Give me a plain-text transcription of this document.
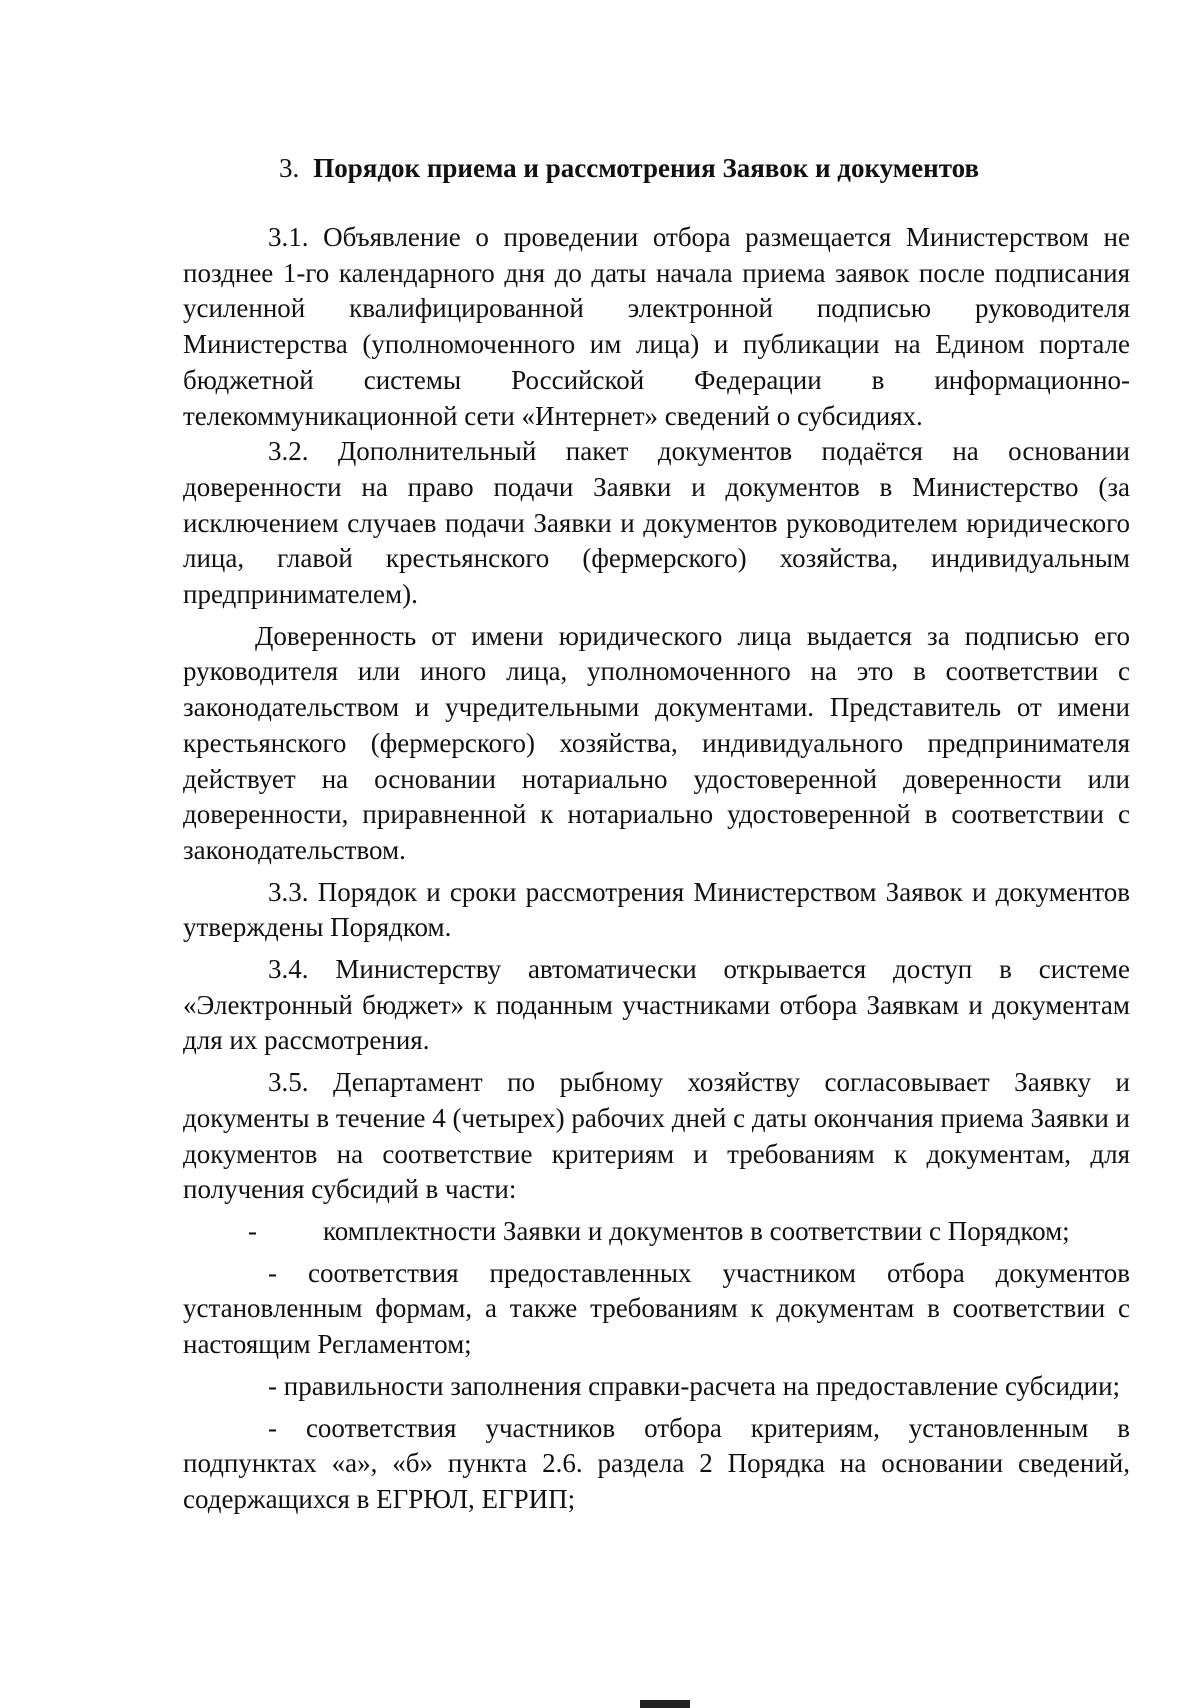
3. Порядок приема и рассмотрения Заявок и документов

3.1. Объявление о проведении отбора размещается Министерством не позднее 1-го календарного дня до даты начала приема заявок после подписания усиленной квалифицированной электронной подписью руководителя Министерства (уполномоченного им лица) и публикации на Едином портале бюджетной системы Российской Федерации в информационно-телекоммуникационной сети «Интернет» сведений о субсидиях.

3.2. Дополнительный пакет документов подаётся на основании доверенности на право подачи Заявки и документов в Министерство (за исключением случаев подачи Заявки и документов руководителем юридического лица, главой крестьянского (фермерского) хозяйства, индивидуальным предпринимателем).

Доверенность от имени юридического лица выдается за подписью его руководителя или иного лица, уполномоченного на это в соответствии с законодательством и учредительными документами. Представитель от имени крестьянского (фермерского) хозяйства, индивидуального предпринимателя действует на основании нотариально удостоверенной доверенности или доверенности, приравненной к нотариально удостоверенной в соответствии с законодательством.

3.3. Порядок и сроки рассмотрения Министерством Заявок и документов утверждены Порядком.

3.4. Министерству автоматически открывается доступ в системе «Электронный бюджет» к поданным участниками отбора Заявкам и документам для их рассмотрения.

3.5. Департамент по рыбному хозяйству согласовывает Заявку и документы в течение 4 (четырех) рабочих дней с даты окончания приема Заявки и документов на соответствие критериям и требованиям к документам, для получения субсидий в части:

- комплектности Заявки и документов в соответствии с Порядком;

- соответствия предоставленных участником отбора документов установленным формам, а также требованиям к документам в соответствии с настоящим Регламентом;

- правильности заполнения справки-расчета на предоставление субсидии;

- соответствия участников отбора критериям, установленным в подпунктах «а», «б» пункта 2.6. раздела 2 Порядка на основании сведений, содержащихся в ЕГРЮЛ, ЕГРИП;
